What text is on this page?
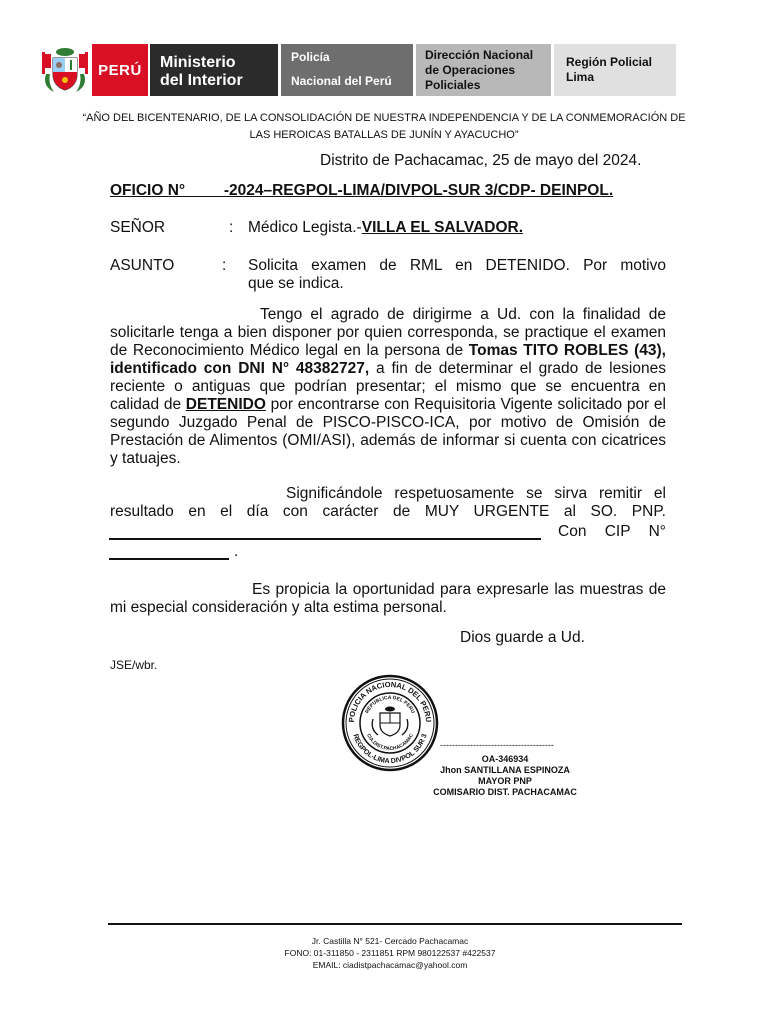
PERÚ	Ministerio
del Interior
Policía
Nacional del Perú
Dirección Nacional
de Operaciones
Policiales
Región Policial
Lima
“AÑO DEL BICENTENARIO, DE LA CONSOLIDACIÓN DE NUESTRA INDEPENDENCIA Y DE LA CONMEMORACIÓN DE
LAS HEROICAS BATALLAS DE JUNÍN Y AYACUCHO”
Distrito de Pachacamac, 25 de mayo del 2024.
OFICIO N°         -2024–REGPOL-LIMA/DIVPOL-SUR 3/CDP- DEINPOL.
SEÑOR	: Médico Legista.-VILLA EL SALVADOR.
ASUNTO	: Solicita examen de RML en DETENIDO. Por motivo
que se indica.
Tengo el agrado de dirigirme a Ud. con la finalidad de solicitarle tenga a bien disponer por quien corresponda, se practique el examen de Reconocimiento Médico legal en la persona de Tomas TITO ROBLES (43), identificado con DNI N° 48382727, a fin de determinar el grado de lesiones reciente o antiguas que podrían presentar; el mismo que se encuentra en calidad de DETENIDO por encontrarse con Requisitoria Vigente solicitado por el segundo Juzgado Penal de PISCO-PISCO-ICA, por motivo de Omisión de Prestación de Alimentos (OMI/ASI), además de informar si cuenta con cicatrices y tatuajes.
Significándole respetuosamente se sirva remitir el resultado en el día con carácter de MUY URGENTE al SO. PNP.
Con CIP N°
.
Es propicia la oportunidad para expresarle las muestras de mi especial consideración y alta estima personal.
Dios guarde a Ud.
JSE/wbr.
POLICIA NACIONAL DEL PERU
REGPOL-LIMA DIVPOL SUR 3
REPUBLICA DEL PERU
CIA.DIST.PACHACAMAC
--------------------------------------
OA-346934
Jhon SANTILLANA ESPINOZA
MAYOR PNP
COMISARIO DIST. PACHACAMAC
Jr. Castilla N° 521- Cercado Pachacamac
FONO: 01-311850 - 2311851 RPM 980122537 #422537
EMAIL: ciadistpachacamac@yahool.com
